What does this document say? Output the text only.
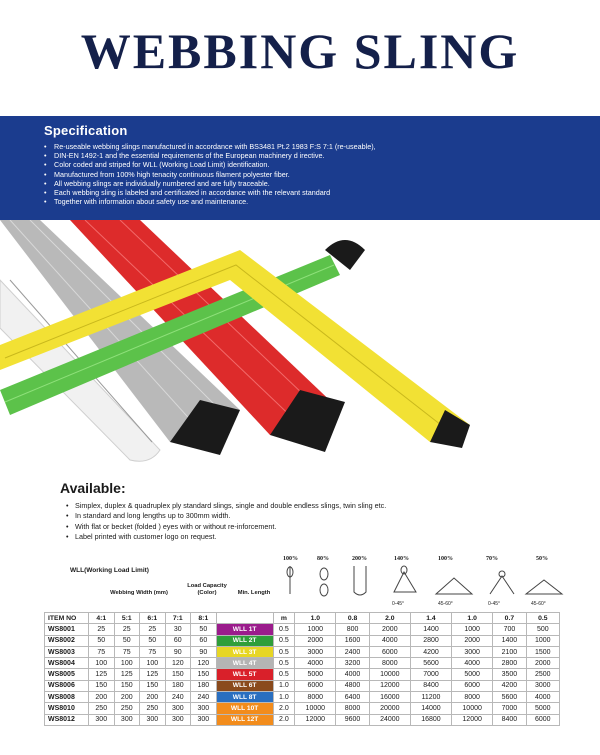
WEBBING SLING
Specification
• Re-useable webbing slings manufactured in accordance with BS3481 Pt.2 1983 F:S 7:1 (re-useable),
• DIN-EN 1492-1 and the essential requirements of the European machinery d irective.
• Color coded and striped for WLL (Working Load Limit) identification.
• Manufactured from 100% high tenacity continuous filament polyester fiber.
• All webbing slings are individually numbered and are fully traceable.
• Each webbing sling is labeled and certificated in accordance with the relevant standard
• Together with information about safety use and maintenance.
Available:
• Simplex, duplex & quadruplex ply standard slings, single and double endless slings, twin sling etc.
• In standard and long lengths up to 300mm width.
• With flat or becket (folded ) eyes with or without re-inforcement.
• Label printed with customer logo on request.
WLL(Working Load Limit)
Webbing Width (mm)
Load Capacity (Color)	Min. Length
100%	80%	200%	140%	100%	70%	50%
0-45°	45-60°	0-45°	45-60°
ITEM NO	4:1	5:1	6:1	7:1	8:1		m	1.0	0.8	2.0	1.4	1.0	0.7	0.5
WS8001	25	25	25	30	50	WLL 1T	0.5	1000	800	2000	1400	1000	700	500
WS8002	50	50	50	60	60	WLL 2T	0.5	2000	1600	4000	2800	2000	1400	1000
WS8003	75	75	75	90	90	WLL 3T	0.5	3000	2400	6000	4200	3000	2100	1500
WS8004	100	100	100	120	120	WLL 4T	0.5	4000	3200	8000	5600	4000	2800	2000
WS8005	125	125	125	150	150	WLL 5T	0.5	5000	4000	10000	7000	5000	3500	2500
WS8006	150	150	150	180	180	WLL 6T	1.0	6000	4800	12000	8400	6000	4200	3000
WS8008	200	200	200	240	240	WLL 8T	1.0	8000	6400	16000	11200	8000	5600	4000
WS8010	250	250	250	300	300	WLL 10T	2.0	10000	8000	20000	14000	10000	7000	5000
WS8012	300	300	300	300	300	WLL 12T	2.0	12000	9600	24000	16800	12000	8400	6000
